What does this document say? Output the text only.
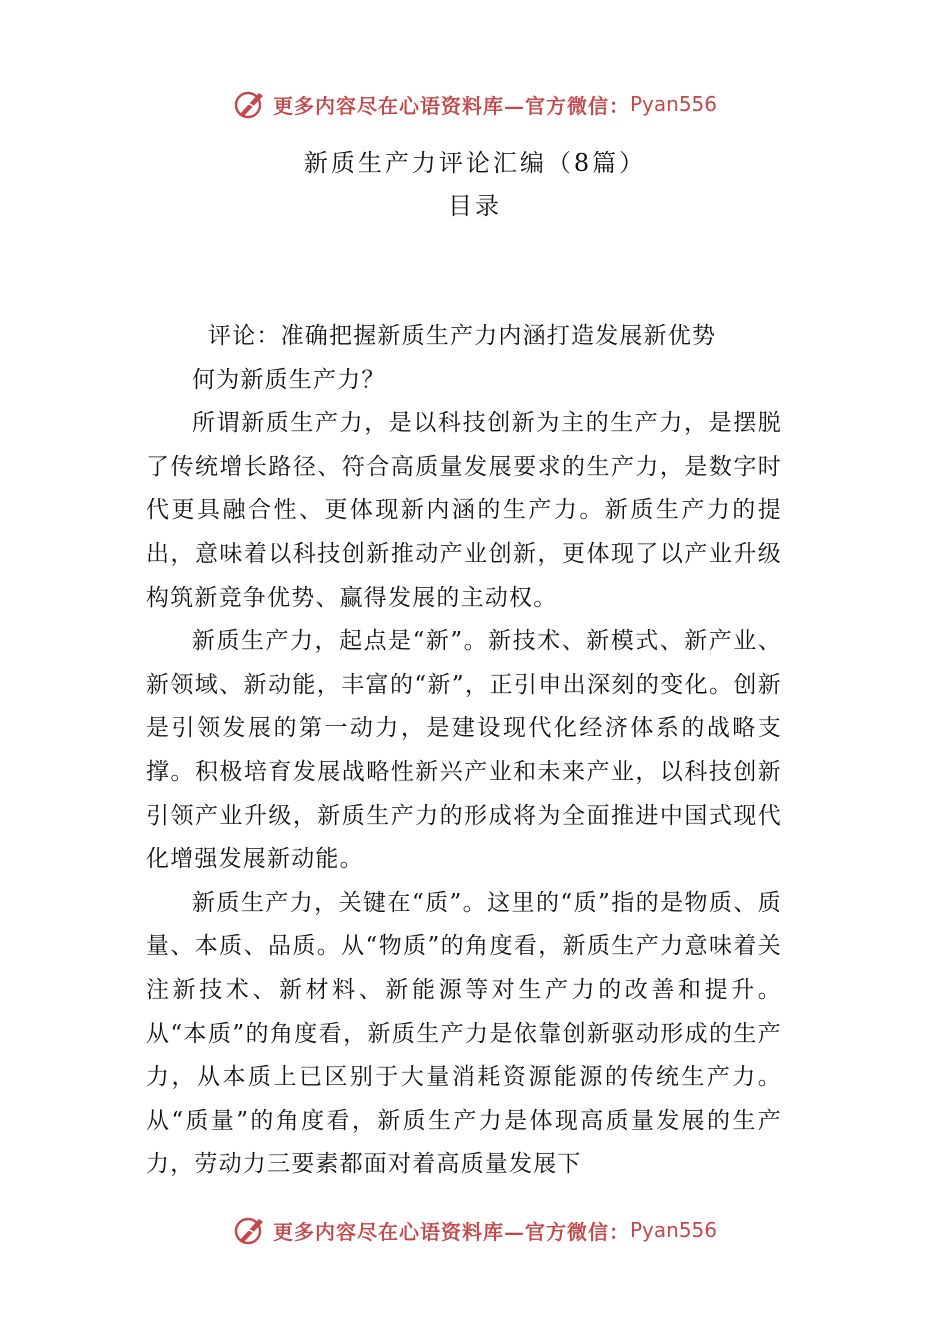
更多内容尽在心语资料库—官方微信： Pyan556
新质生产力评论汇编（8篇）
目录

评论：准确把握新质生产力内涵打造发展新优势

何为新质生产力？

所谓新质生产力，是以科技创新为主的生产力，是摆脱了传统增长路径、符合高质量发展要求的生产力，是数字时代更具融合性、更体现新内涵的生产力。新质生产力的提出，意味着以科技创新推动产业创新，更体现了以产业升级构筑新竞争优势、赢得发展的主动权。

新质生产力，起点是“新”。新技术、新模式、新产业、新领域、新动能，丰富的“新”，正引申出深刻的变化。创新是引领发展的第一动力，是建设现代化经济体系的战略支撑。积极培育发展战略性新兴产业和未来产业，以科技创新引领产业升级，新质生产力的形成将为全面推进中国式现代化增强发展新动能。

新质生产力，关键在“质”。这里的“质”指的是物质、质量、本质、品质。从“物质”的角度看，新质生产力意味着关注新技术、新材料、新能源等对生产力的改善和提升。从“本质”的角度看，新质生产力是依靠创新驱动形成的生产力，从本质上已区别于大量消耗资源能源的传统生产力。从“质量”的角度看，新质生产力是体现高质量发展的生产力，劳动力三要素都面对着高质量发展下

更多内容尽在心语资料库—官方微信： Pyan556
